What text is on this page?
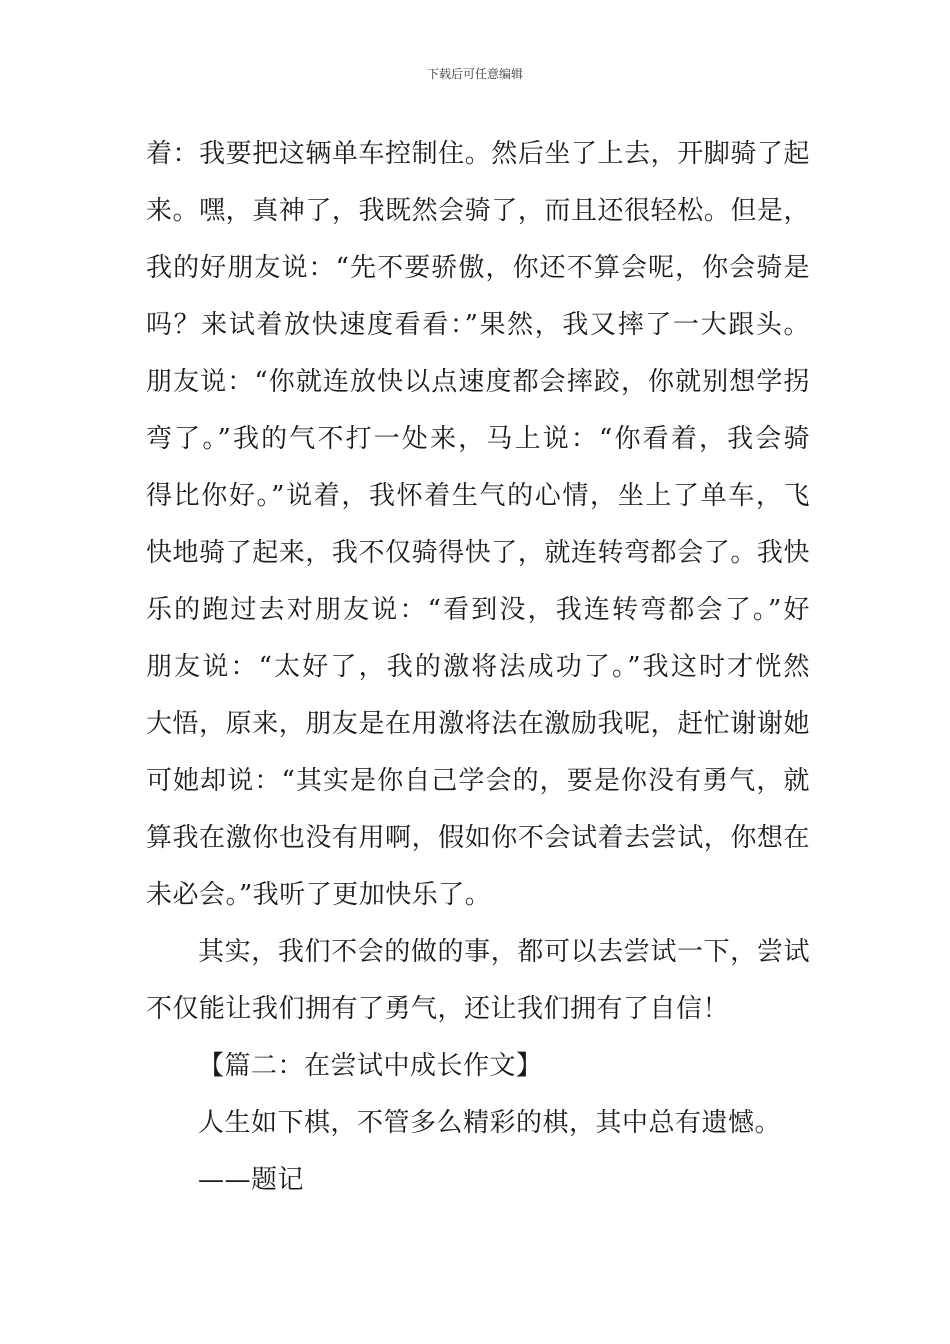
下载后可任意编辑
着：我要把这辆单车控制住。然后坐了上去，开脚骑了起
来。嘿，真神了，我既然会骑了，而且还很轻松。但是，
我的好朋友说：“先不要骄傲，你还不算会呢，你会骑是
吗？来试着放快速度看看：”果然，我又摔了一大跟头。
朋友说：“你就连放快以点速度都会摔跤，你就别想学拐
弯了。”我的气不打一处来，马上说：“你看着，我会骑
得比你好。”说着，我怀着生气的心情，坐上了单车，飞
快地骑了起来，我不仅骑得快了，就连转弯都会了。我快
乐的跑过去对朋友说：“看到没，我连转弯都会了。”好
朋友说：“太好了，我的激将法成功了。”我这时才恍然
大悟，原来，朋友是在用激将法在激励我呢，赶忙谢谢她
可她却说：“其实是你自己学会的，要是你没有勇气，就
算我在激你也没有用啊，假如你不会试着去尝试，你想在
未必会。”我听了更加快乐了。
其实，我们不会的做的事，都可以去尝试一下，尝试
不仅能让我们拥有了勇气，还让我们拥有了自信！
【篇二：在尝试中成长作文】
人生如下棋，不管多么精彩的棋，其中总有遗憾。
——题记
